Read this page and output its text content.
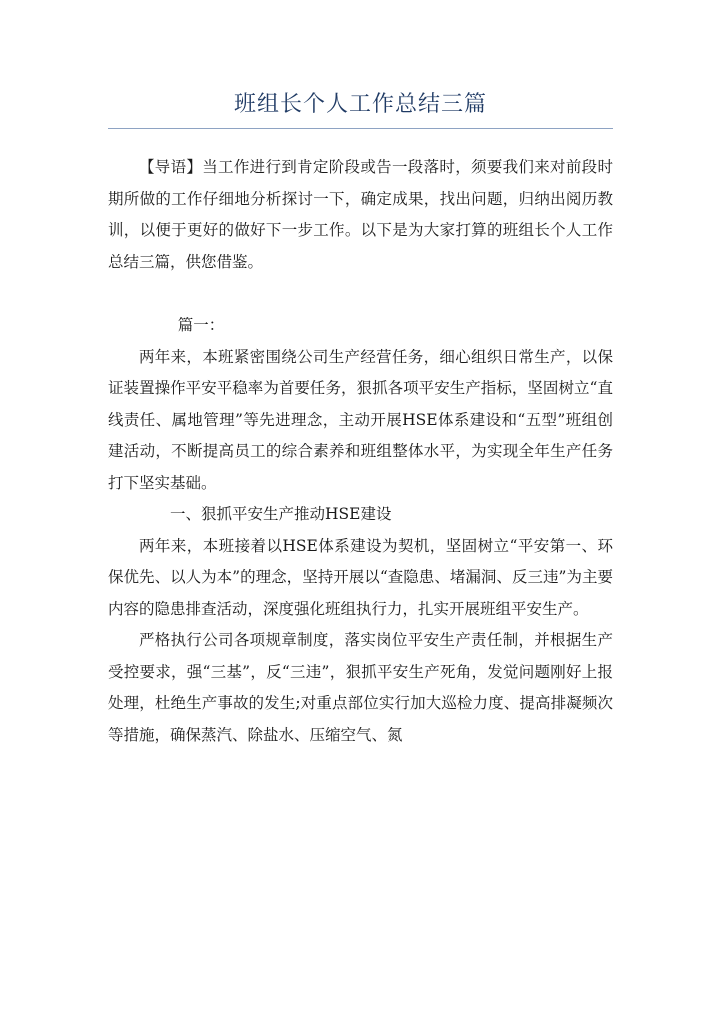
班组长个人工作总结三篇

【导语】当工作进行到肯定阶段或告一段落时，须要我们来对前段时期所做的工作仔细地分析探讨一下，确定成果，找出问题，归纳出阅历教训，以便于更好的做好下一步工作。以下是为大家打算的班组长个人工作总结三篇，供您借鉴。

篇一：

两年来，本班紧密围绕公司生产经营任务，细心组织日常生产，以保证装置操作平安平稳率为首要任务，狠抓各项平安生产指标，坚固树立“直线责任、属地管理”等先进理念，主动开展HSE体系建设和“五型”班组创建活动，不断提高员工的综合素养和班组整体水平，为实现全年生产任务打下坚实基础。

一、狠抓平安生产推动HSE建设

两年来，本班接着以HSE体系建设为契机，坚固树立“平安第一、环保优先、以人为本”的理念，坚持开展以“查隐患、堵漏洞、反三违”为主要内容的隐患排查活动，深度强化班组执行力，扎实开展班组平安生产。

严格执行公司各项规章制度，落实岗位平安生产责任制，并根据生产受控要求，强“三基”，反“三违”，狠抓平安生产死角，发觉问题刚好上报处理，杜绝生产事故的发生;对重点部位实行加大巡检力度、提高排凝频次等措施，确保蒸汽、除盐水、压缩空气、氮
